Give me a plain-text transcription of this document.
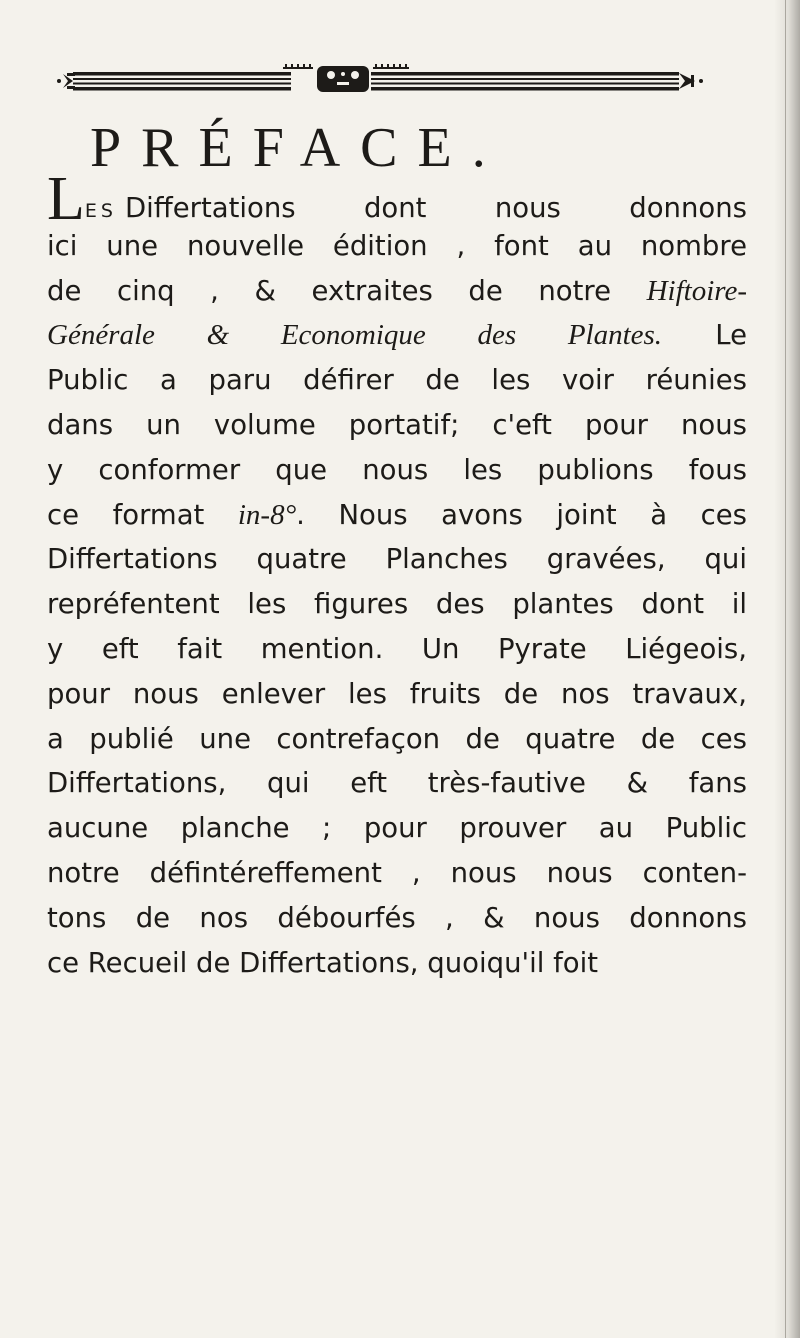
PRÉFACE.
LES Differtations dont nous donnons
ici une nouvelle édition , font au nombre
de cinq , & extraites de notre Hiftoire-
Générale & Economique des Plantes. Le
Public a paru défirer de les voir réunies
dans un volume portatif; c'eft pour nous
y conformer que nous les publions fous
ce format in-8°. Nous avons joint à ces
Differtations quatre Planches gravées, qui
repréfentent les figures des plantes dont il
y eft fait mention. Un Pyrate Liégeois,
pour nous enlever les fruits de nos travaux,
a publié une contrefaçon de quatre de ces
Differtations, qui eft très-fautive & fans
aucune planche ; pour prouver au Public
notre défintéreffement , nous nous conten-
tons de nos débourfés , & nous donnons
ce Recueil de Differtations, quoiqu'il foit
